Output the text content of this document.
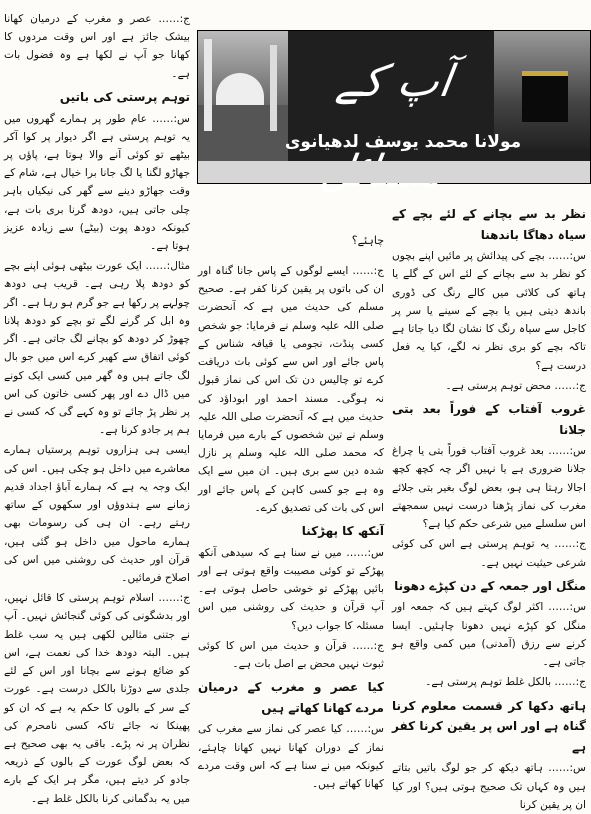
ج:…… عصر و مغرب کے درمیان کھانا بیشک جائز ہے اور اس وقت مردوں کا کھانا جو آپ نے لکھا ہے وہ فضول بات ہے۔

توہم پرستی کی باتیں

س:…… عام طور پر ہمارے گھروں میں یہ توہم پرستی ہے اگر دیوار پر کوا آکر بیٹھے تو کوئی آنے والا ہوتا ہے، پاؤں پر جھاڑو لگنا یا لگ جانا برا خیال ہے، شام کے وقت جھاڑو دینے سے گھر کی نیکیاں باہر چلی جاتی ہیں، دودھ گرنا بری بات ہے، کیونکہ دودھ پوت (بیٹے) سے زیادہ عزیز ہوتا ہے۔

مثال:…… ایک عورت بیٹھی ہوئی اپنے بچے کو دودھ پلا رہی ہے۔ قریب ہی دودھ چولہے پر رکھا ہے جو گرم ہو رہا ہے۔ اگر وہ ابل کر گرنے لگے تو بچے کو دودھ پلانا چھوڑ کر دودھ کو بچانے لگ جاتی ہے۔ اگر کوئی اتفاق سے کھیر کرے اس میں جو بال لگ جاتے ہیں وہ گھر میں کسی ایک کونے میں ڈال دے اور پھر کسی خاتون کی اس پر نظر پڑ جائے تو وہ کہے گی کہ کسی نے ہم پر جادو کرنا ہے۔

ایسی ہی ہزاروں توہم پرستیاں ہمارے معاشرے میں داخل ہو چکی ہیں۔ اس کی ایک وجہ یہ ہے کہ ہمارے آباؤ اجداد قدیم زمانے سے ہندوؤں اور سکھوں کے ساتھ رہتے رہے۔ ان ہی کی رسومات بھی ہمارے ماحول میں داخل ہو گئی ہیں، قرآن اور حدیث کی روشنی میں اس کی اصلاح فرمائیں۔

ج:…… اسلام توہم پرستی کا قائل نہیں، اور بدشگونی کی کوئی گنجائش نہیں۔ آپ نے جتنی مثالیں لکھی ہیں یہ سب غلط ہیں۔ البتہ دودھ خدا کی نعمت ہے، اس کو ضائع ہونے سے بچانا اور اس کے لئے جلدی سے دوڑنا بالکل درست ہے۔ عورت کے سر کے بالوں کا حکم یہ ہے کہ ان کو پھینکا نہ جائے تاکہ کسی نامحرم کی نظران پر نہ پڑے۔ باقی یہ بھی صحیح ہے کہ بعض لوگ عورت کے بالوں کے ذریعہ جادو کر دیتے ہیں، مگر ہر ایک کے بارے میں یہ بدگمانی کرنا بالکل غلط ہے۔

آپ کے
مولانا محمد یوسف لدھیانوی

نظر بد سے بچانے کے لئے بچے کے سیاہ دھاگا باندھنا

س:…… بچے کی پیدائش پر مائیں اپنے بچوں کو نظر بد سے بچانے کے لئے اس کے گلے یا ہاتھ کی کلائی میں کالے رنگ کی ڈوری باندھ دیتی ہیں یا بچے کے سینے یا سر پر کاجل سے سیاہ رنگ کا نشان لگا دیا جاتا ہے تاکہ بچے کو بری نظر نہ لگے، کیا یہ فعل درست ہے؟

ج:…… محض توہم پرستی ہے۔

غروب آفتاب کے فوراً بعد بتی جلانا

س:…… بعد غروب آفتاب فوراً بتی یا چراغ جلانا ضروری ہے یا نہیں اگر چہ کچھ کچھ اجالا رہتا ہی ہو، بعض لوگ بغیر بتی جلائے مغرب کی نماز پڑھنا درست نہیں سمجھتے اس سلسلے میں شرعی حکم کیا ہے؟

ج:…… یہ توہم پرستی ہے اس کی کوئی شرعی حیثیت نہیں ہے۔

منگل اور جمعہ کے دن کپڑے دھونا

س:…… اکثر لوگ کہتے ہیں کہ جمعہ اور منگل کو کپڑے نہیں دھونا چاہئیں۔ ایسا کرنے سے رزق (آمدنی) میں کمی واقع ہو جاتی ہے۔

ج:…… بالکل غلط توہم پرستی ہے۔

ہاتھ دکھا کر قسمت معلوم کرنا گناہ ہے اور اس پر یقین کرنا کفر ہے

س:…… ہاتھ دیکھ کر جو لوگ باتیں بتاتے ہیں وہ کہاں تک صحیح ہوتی ہیں؟ اور کیا ان پر یقین کرنا

چاہئے؟

ج:…… ایسے لوگوں کے پاس جانا گناہ اور ان کی باتوں پر یقین کرنا کفر ہے۔ صحیح مسلم کی حدیث میں ہے کہ آنحضرت صلی اللہ علیہ وسلم نے فرمایا: جو شخص کسی پنڈت، نجومی یا قیافہ شناس کے پاس جائے اور اس سے کوئی بات دریافت کرے تو چالیس دن تک اس کی نماز قبول نہ ہوگی۔ مسند احمد اور ابوداؤد کی حدیث میں ہے کہ آنحضرت صلی اللہ علیہ وسلم نے تین شخصوں کے بارے میں فرمایا کہ محمد صلی اللہ علیہ وسلم پر نازل شدہ دین سے بری ہیں۔ ان میں سے ایک وہ ہے جو کسی کاہن کے پاس جائے اور اس کی بات کی تصدیق کرے۔

آنکھ کا پھڑکنا

س:…… میں نے سنا ہے کہ سیدھی آنکھ پھڑکے تو کوئی مصیبت واقع ہوتی ہے اور بائیں پھڑکے تو خوشی حاصل ہوتی ہے۔ آپ قرآن و حدیث کی روشنی میں اس مسئلہ کا جواب دیں؟

ج:…… قرآن و حدیث میں اس کا کوئی ثبوت نہیں محض بے اصل بات ہے۔

کیا عصر و مغرب کے درمیان مردے کھانا کھاتے ہیں

س:…… کیا عصر کی نماز سے مغرب کی نماز کے دوران کھانا نہیں کھانا چاہئے، کیونکہ میں نے سنا ہے کہ اس وقت مردے کھانا کھاتے ہیں۔
